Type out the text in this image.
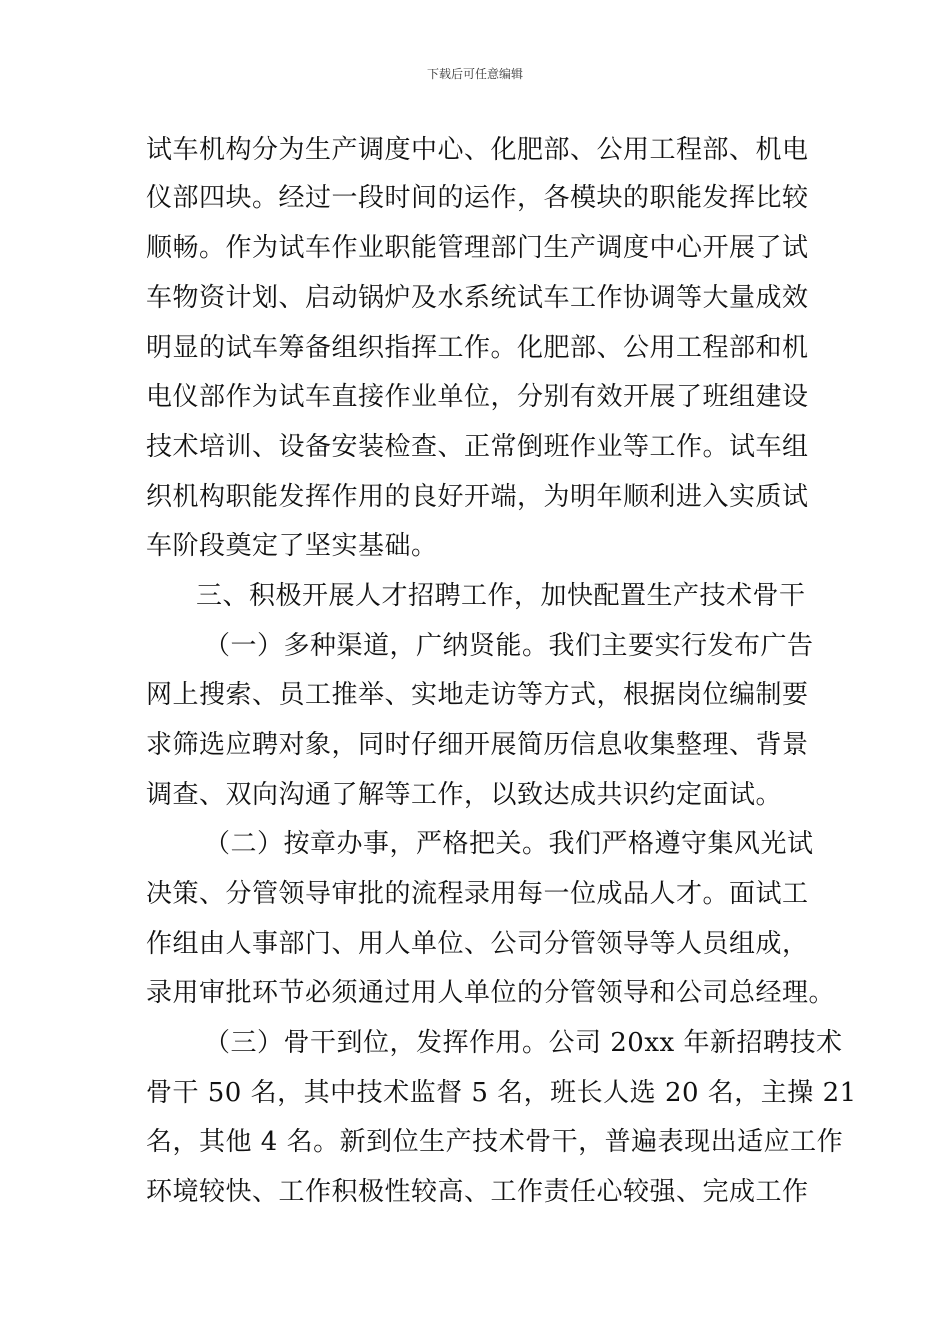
下载后可任意编辑
试车机构分为生产调度中心、化肥部、公用工程部、机电
仪部四块。经过一段时间的运作，各模块的职能发挥比较
顺畅。作为试车作业职能管理部门生产调度中心开展了试
车物资计划、启动锅炉及水系统试车工作协调等大量成效
明显的试车筹备组织指挥工作。化肥部、公用工程部和机
电仪部作为试车直接作业单位，分别有效开展了班组建设
技术培训、设备安装检查、正常倒班作业等工作。试车组
织机构职能发挥作用的良好开端，为明年顺利进入实质试
车阶段奠定了坚实基础。
三、积极开展人才招聘工作，加快配置生产技术骨干
（一）多种渠道，广纳贤能。我们主要实行发布广告
网上搜索、员工推举、实地走访等方式，根据岗位编制要
求筛选应聘对象，同时仔细开展简历信息收集整理、背景
调查、双向沟通了解等工作，以致达成共识约定面试。
（二）按章办事，严格把关。我们严格遵守集风光试
决策、分管领导审批的流程录用每一位成品人才。面试工
作组由人事部门、用人单位、公司分管领导等人员组成，
录用审批环节必须通过用人单位的分管领导和公司总经理。
（三）骨干到位，发挥作用。公司 20xx 年新招聘技术
骨干 50 名，其中技术监督 5 名，班长人选 20 名，主操 21
名，其他 4 名。新到位生产技术骨干，普遍表现出适应工作
环境较快、工作积极性较高、工作责任心较强、完成工作
